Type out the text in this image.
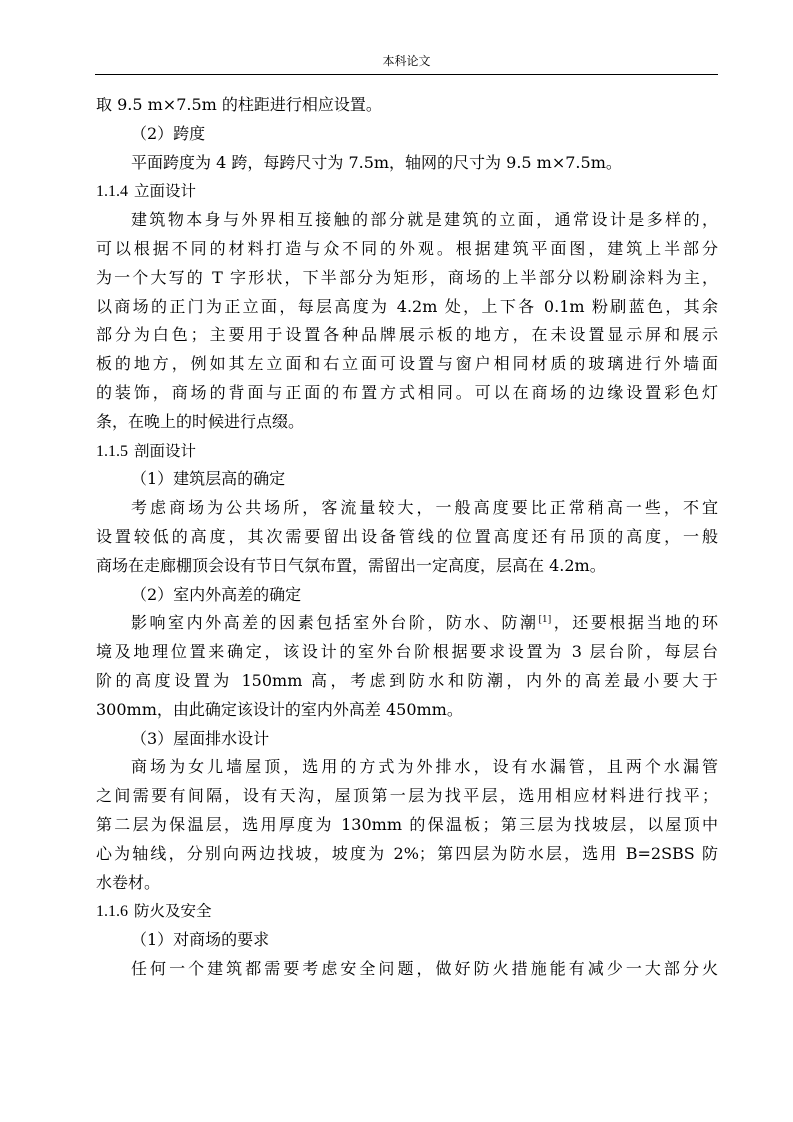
本科论文
取 9.5 m×7.5m 的柱距进行相应设置。
（2）跨度
平面跨度为 4 跨，每跨尺寸为 7.5m，轴网的尺寸为 9.5 m×7.5m。
1.1.4 立面设计
建筑物本身与外界相互接触的部分就是建筑的立面，通常设计是多样的，
可以根据不同的材料打造与众不同的外观。根据建筑平面图，建筑上半部分
为一个大写的 T 字形状，下半部分为矩形，商场的上半部分以粉刷涂料为主，
以商场的正门为正立面，每层高度为 4.2m 处，上下各 0.1m 粉刷蓝色，其余
部分为白色；主要用于设置各种品牌展示板的地方，在未设置显示屏和展示
板的地方，例如其左立面和右立面可设置与窗户相同材质的玻璃进行外墙面
的装饰，商场的背面与正面的布置方式相同。可以在商场的边缘设置彩色灯
条，在晚上的时候进行点缀。
1.1.5 剖面设计
（1）建筑层高的确定
考虑商场为公共场所，客流量较大，一般高度要比正常稍高一些，不宜
设置较低的高度，其次需要留出设备管线的位置高度还有吊顶的高度，一般
商场在走廊棚顶会设有节日气氛布置，需留出一定高度，层高在 4.2m。
（2）室内外高差的确定
影响室内外高差的因素包括室外台阶，防水、防潮[1]，还要根据当地的环
境及地理位置来确定，该设计的室外台阶根据要求设置为 3 层台阶，每层台
阶的高度设置为 150mm 高，考虑到防水和防潮，内外的高差最小要大于
300mm，由此确定该设计的室内外高差 450mm。
（3）屋面排水设计
商场为女儿墙屋顶，选用的方式为外排水，设有水漏管，且两个水漏管
之间需要有间隔，设有天沟，屋顶第一层为找平层，选用相应材料进行找平；
第二层为保温层，选用厚度为 130mm 的保温板；第三层为找坡层，以屋顶中
心为轴线，分别向两边找坡，坡度为 2%；第四层为防水层，选用 B=2SBS 防
水卷材。
1.1.6 防火及安全
（1）对商场的要求
任何一个建筑都需要考虑安全问题，做好防火措施能有减少一大部分火
